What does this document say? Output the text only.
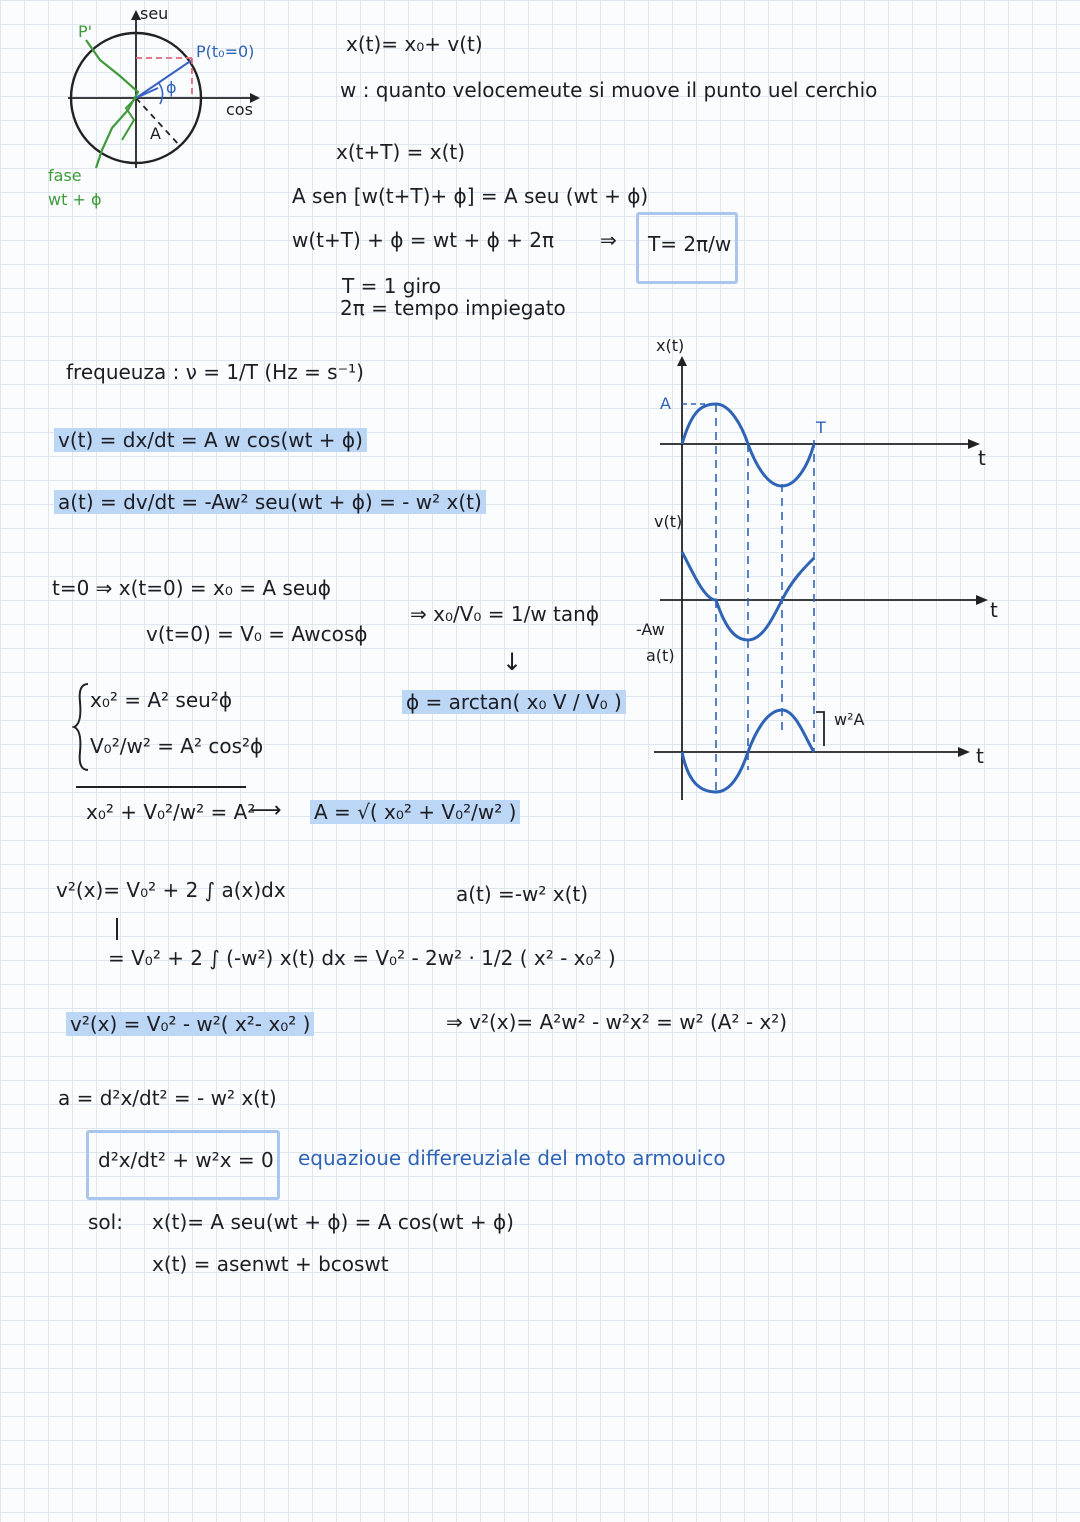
P'
seu
P(t₀=0)
cos
ϕ
A
fase
wt + ϕ
x(t)= x₀+ v(t)
w : quanto velocemeute si muove il punto uel cerchio
x(t+T) = x(t)
A sen [w(t+T)+ ϕ] = A seu (wt + ϕ)
w(t+T) + ϕ = wt + ϕ + 2π ⇒ T= 2π/w
T = 1 giro
2π = tempo impiegato
frequeuza : ν = 1/T (Hz = s⁻¹)
v(t) = dx/dt = A w cos(wt + ϕ)
a(t) = dv/dt = -Aw² seu(wt + ϕ) = - w² x(t)
t=0 ⇒ x(t=0) = x₀ = A seuϕ
v(t=0) = V₀ = Awcosϕ
⇒ x₀/V₀ = 1/w tanϕ
↓
ϕ = arctan( x₀ V / V₀ )
x₀² = A² seu²ϕ
V₀²/w² = A² cos²ϕ
x₀² + V₀²/w² = A²
⟶ A = √( x₀² + V₀²/w² )
v²(x)= V₀² + 2 ∫ a(x)dx	a(t) =-w² x(t)
= V₀² + 2 ∫ (-w²) x(t) dx = V₀² - 2w² · 1/2 ( x² - x₀² )
v²(x) = V₀² - w²( x²- x₀² )	⇒ v²(x)= A²w² - w²x² = w² (A² - x²)
a = d²x/dt² = - w² x(t)
d²x/dt² + w²x = 0 equazioue differeuziale del moto armouico
sol: x(t)= A seu(wt + ϕ) = A cos(wt + ϕ)
x(t) = asenwt + bcoswt
x(t)
A
T
t
v(t)
t
-Aw
a(t)
w²A
t
